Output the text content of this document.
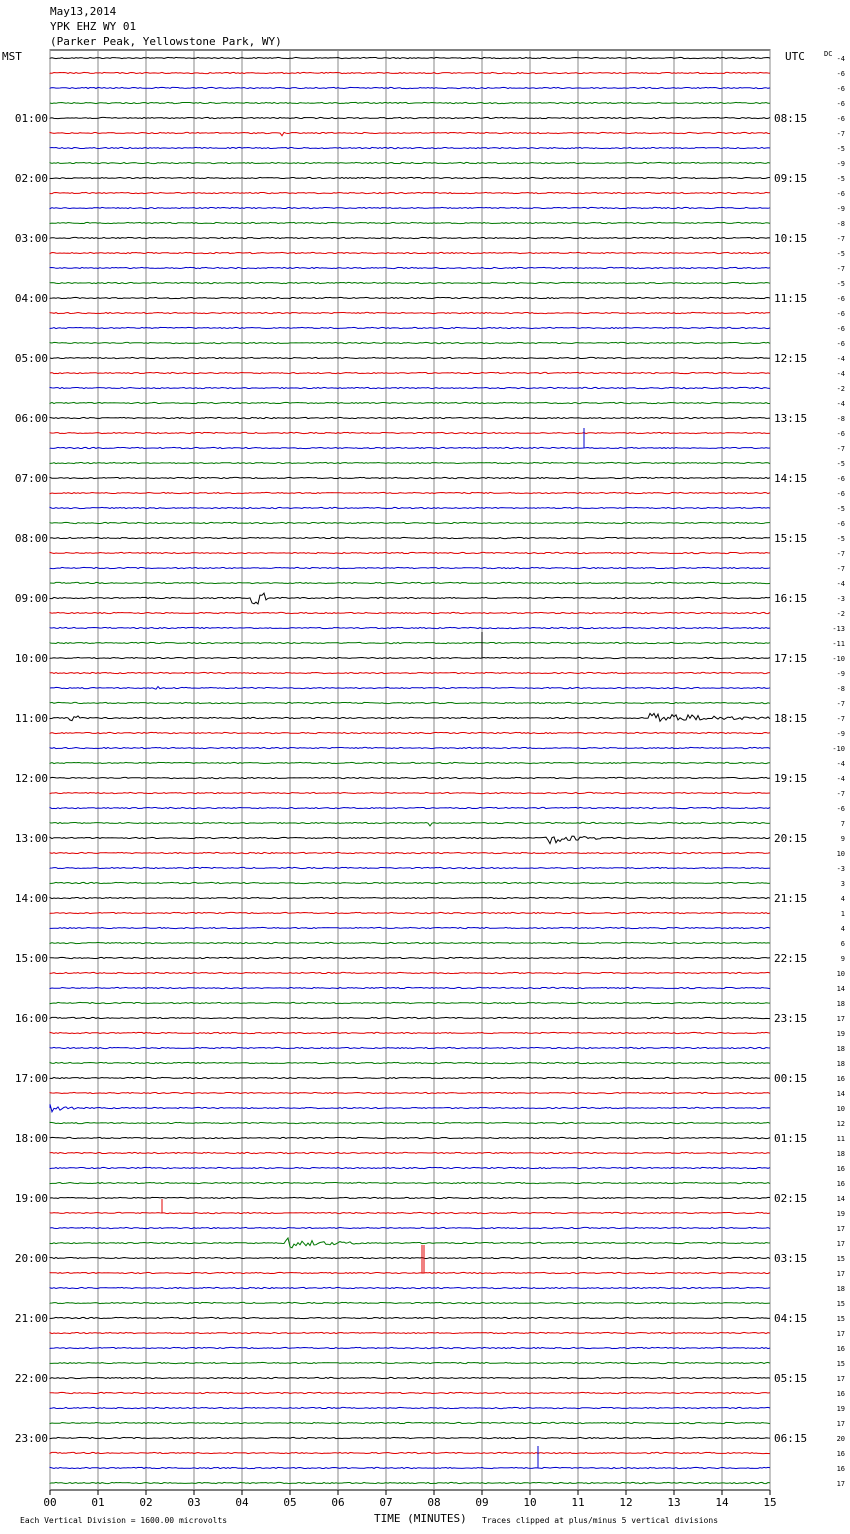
May13,2014
YPK EHZ WY 01
(Parker Peak, Yellowstone Park, WY)
MST	UTC
00	01	02	03	04	05	06	07	08	09	10	11	12	13	14	15
-4
-6
-6
-6
-6
-7
-5
-9
-5
-6
-9
-8
-7
-5
-7
-5
-6
-6
-6
-6
-4
-4
-2
-4
-8
-6
-7
-5
-6
-6
-5
-6
-5
-7
-7
-4
-3
-2
-13
-11
-10
-9
-8
-7
-7
-9
-10
-4
-4
-7
-6
7
9
10
-3
3
4
1
4
6
9
10
14
18
17
19
18
18
16
14
10
12
11
18
16
16
14
19
17
17
15
17
18
15
15
17
16
15
17
16
19
17
20
16
16
17
DC
01:00
02:00
03:00
04:00
05:00
06:00
07:00
08:00
09:00
10:00
11:00
12:00
13:00
14:00
15:00
16:00
17:00
18:00
19:00
20:00
21:00
22:00
23:00
08:15
09:15
10:15
11:15
12:15
13:15
14:15
15:15
16:15
17:15
18:15
19:15
20:15
21:15
22:15
23:15
00:15
01:15
02:15
03:15
04:15
05:15
06:15
Each Vertical Division = 1600.00 microvolts	TIME (MINUTES) Traces clipped at plus/minus 5 vertical divisions
